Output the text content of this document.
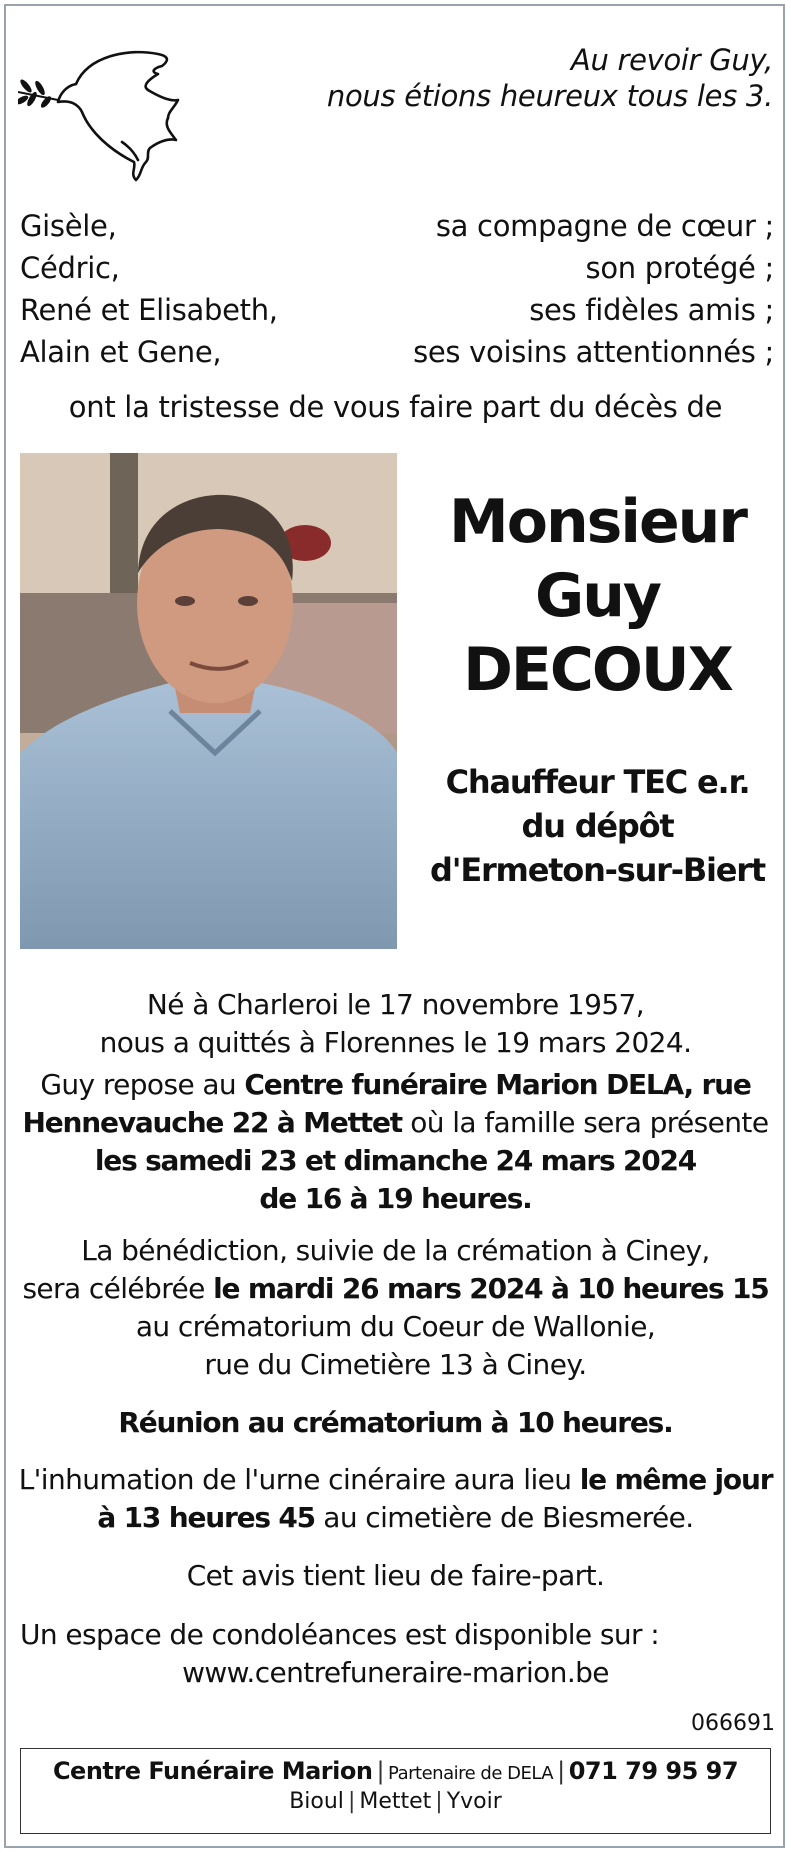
Au revoir Guy,
nous étions heureux tous les 3.
Gisèle,	sa compagne de cœur ;
Cédric,	son protégé ;
René et Elisabeth,	ses fidèles amis ;
Alain et Gene,	ses voisins attentionnés ;
ont la tristesse de vous faire part du décès de
Monsieur
Guy
DECOUX
Chauffeur TEC e.r.
du dépôt
d'Ermeton-sur-Biert
Né à Charleroi le 17 novembre 1957,
nous a quittés à Florennes le 19 mars 2024.
Guy repose au Centre funéraire Marion DELA, rue Hennevauche 22 à Mettet où la famille sera présente
les samedi 23 et dimanche 24 mars 2024
de 16 à 19 heures.
La bénédiction, suivie de la crémation à Ciney,
sera célébrée le mardi 26 mars 2024 à 10 heures 15
au crématorium du Coeur de Wallonie,
rue du Cimetière 13 à Ciney.
Réunion au crématorium à 10 heures.
L'inhumation de l'urne cinéraire aura lieu le même jour à 13 heures 45 au cimetière de Biesmerée.
Cet avis tient lieu de faire-part.
Un espace de condoléances est disponible sur :
www.centrefuneraire-marion.be
066691
Centre Funéraire Marion | Partenaire de DELA | 071 79 95 97
Bioul | Mettet | Yvoir
